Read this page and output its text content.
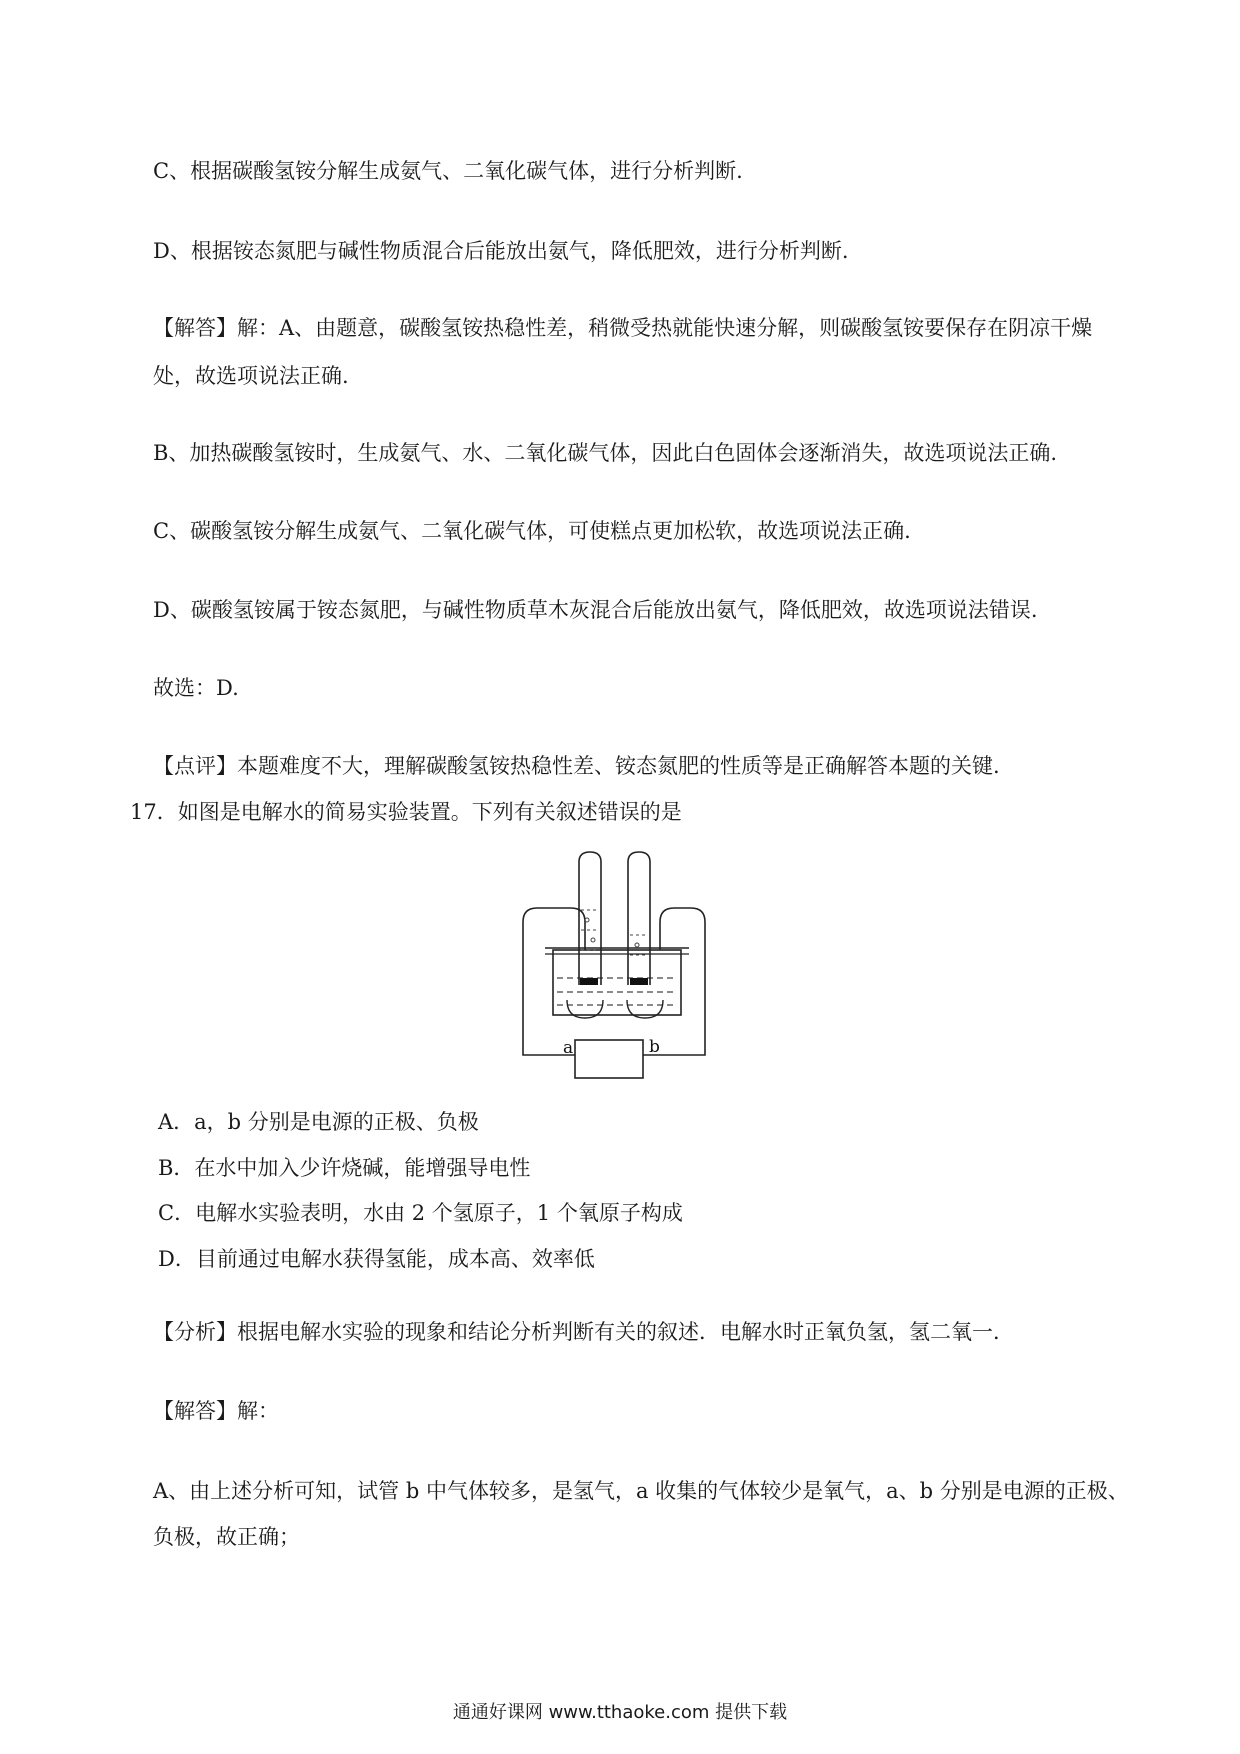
C、根据碳酸氢铵分解生成氨气、二氧化碳气体，进行分析判断.
D、根据铵态氮肥与碱性物质混合后能放出氨气，降低肥效，进行分析判断.
【解答】解：A、由题意，碳酸氢铵热稳性差，稍微受热就能快速分解，则碳酸氢铵要保存在阴凉干燥
处，故选项说法正确.
B、加热碳酸氢铵时，生成氨气、水、二氧化碳气体，因此白色固体会逐渐消失，故选项说法正确.
C、碳酸氢铵分解生成氨气、二氧化碳气体，可使糕点更加松软，故选项说法正确.
D、碳酸氢铵属于铵态氮肥，与碱性物质草木灰混合后能放出氨气，降低肥效，故选项说法错误.
故选：D.
【点评】本题难度不大，理解碳酸氢铵热稳性差、铵态氮肥的性质等是正确解答本题的关键.
17．如图是电解水的简易实验装置。下列有关叙述错误的是
a	b
A．a，b 分别是电源的正极、负极
B．在水中加入少许烧碱，能增强导电性
C．电解水实验表明，水由 2 个氢原子，1 个氧原子构成
D．目前通过电解水获得氢能，成本高、效率低
【分析】根据电解水实验的现象和结论分析判断有关的叙述．电解水时正氧负氢，氢二氧一．
【解答】解：
A、由上述分析可知，试管 b 中气体较多，是氢气，a 收集的气体较少是氧气，a、b 分别是电源的正极、
负极，故正确；
通通好课网 www.tthaoke.com 提供下载
